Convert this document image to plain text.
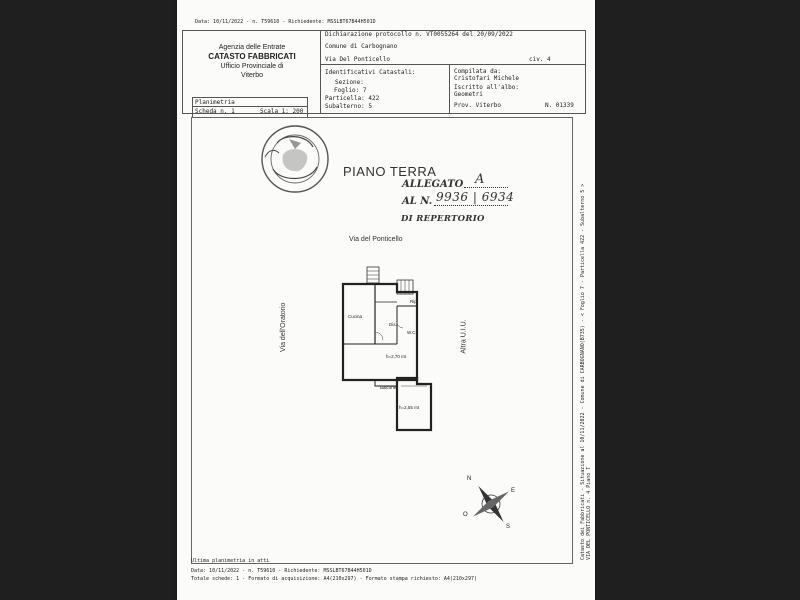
Data: 10/11/2022 - n. T59610 - Richiedente: MSSLBT67B44H501D
Agenzia delle Entrate
CATASTO FABBRICATI
Ufficio Provinciale di
Viterbo
Dichiarazione protocollo n. VT0055264 del 20/09/2022
Comune di Carbognano
Via Del Ponticello	civ. 4
Identificativi Catastali:
Sezione:
Foglio: 7
Particella: 422
Subalterno: 5
Compilata da:
Cristofari Michele
Iscritto all'albo:
Geometri
Prov. Viterbo	N. 01339
Planimetria
Scheda n. 1	Scala 1: 200
PIANO TERRA
ALLEGATO A
AL N. 9936 | 6934
DI REPERTORIO
Via del Ponticello
Via dell'Oratorio	Altra U.I.U.
Cucina
Dis.
W.C.
Rip.
h=2,70 mt
Balcone
h=2,55 mt
N
E
S
O
Catasto dei Fabbricati - Situazione al 10/11/2022 - Comune di CARBOGNANO(B735) - < Foglio 7 - Particella 422 - Subalterno 5 >
VIA DEL PONTICELLO n. 4 Piano T
Ultima planimetria in atti
Data: 10/11/2022 - n. T59610 - Richiedente: MSSLBT67B44H501D
Totale schede: 1 - Formato di acquisizione: A4(210x297) - Formato stampa richiesto: A4(210x297)
